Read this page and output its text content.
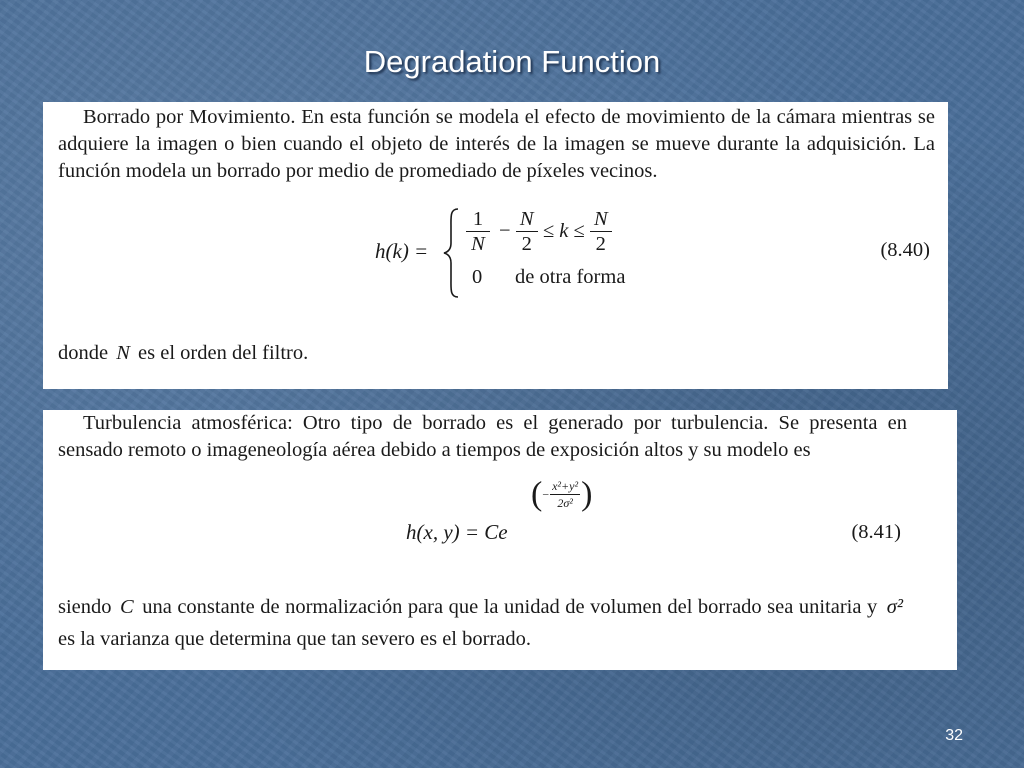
Degradation Function

Borrado por Movimiento. En esta función se modela el efecto de movimiento de la cámara mientras se adquiere la imagen o bien cuando el objeto de interés de la imagen se mueve durante la adquisición. La función modela un borrado por medio de promediado de píxeles vecinos.

$h(k) = \frac{1}{N} - \frac{N}{2} \le k \le \frac{N}{2}$
0 de otra forma
(8.40)

donde N es el orden del filtro.

Turbulencia atmosférica: Otro tipo de borrado es el generado por turbulencia. Se presenta en sensado remoto o imageneología aérea debido a tiempos de exposición altos y su modelo es

h(x, y) = Ce
(− $\frac{\text{x²+y²}}{\text{2σ²}}$ )
(8.41)

siendo C una constante de normalización para que la unidad de volumen del borrado sea unitaria y σ² es la varianza que determina que tan severo es el borrado.

32
